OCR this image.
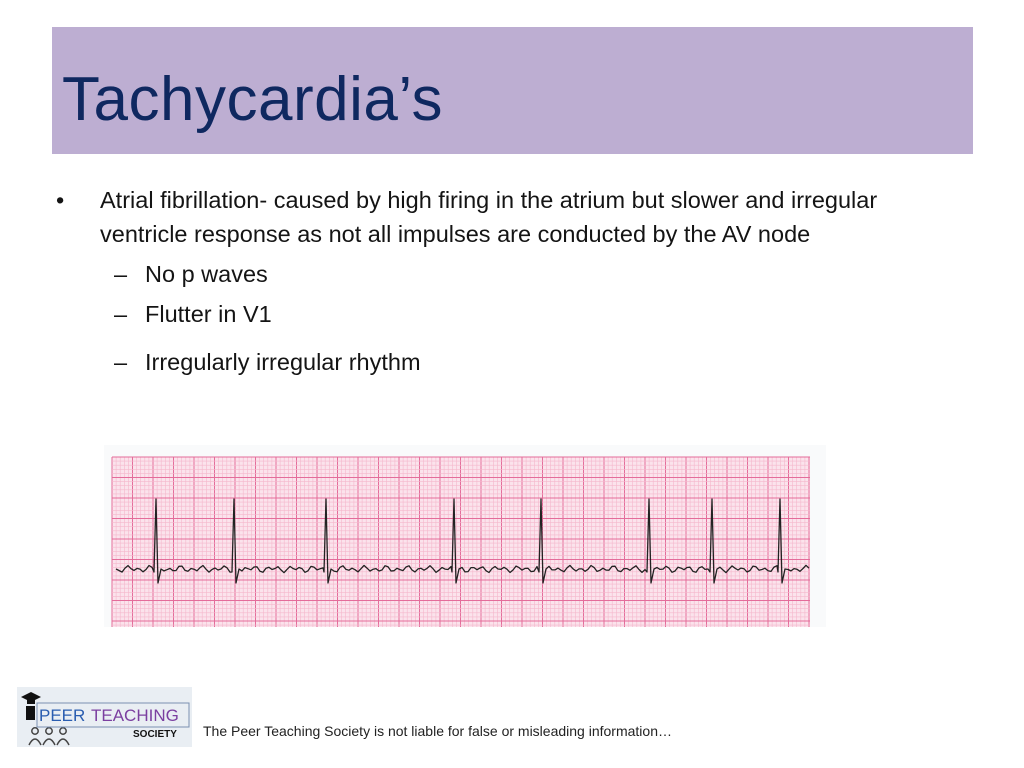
Tachycardia’s
•	Atrial fibrillation- caused by high firing in the atrium but slower and irregular ventricle response as not all impulses are conducted by the AV node
– No p waves
– Flutter in V1
– Irregularly irregular rhythm
PEER TEACHING
SOCIETY The Peer Teaching Society is not liable for false or misleading information…
